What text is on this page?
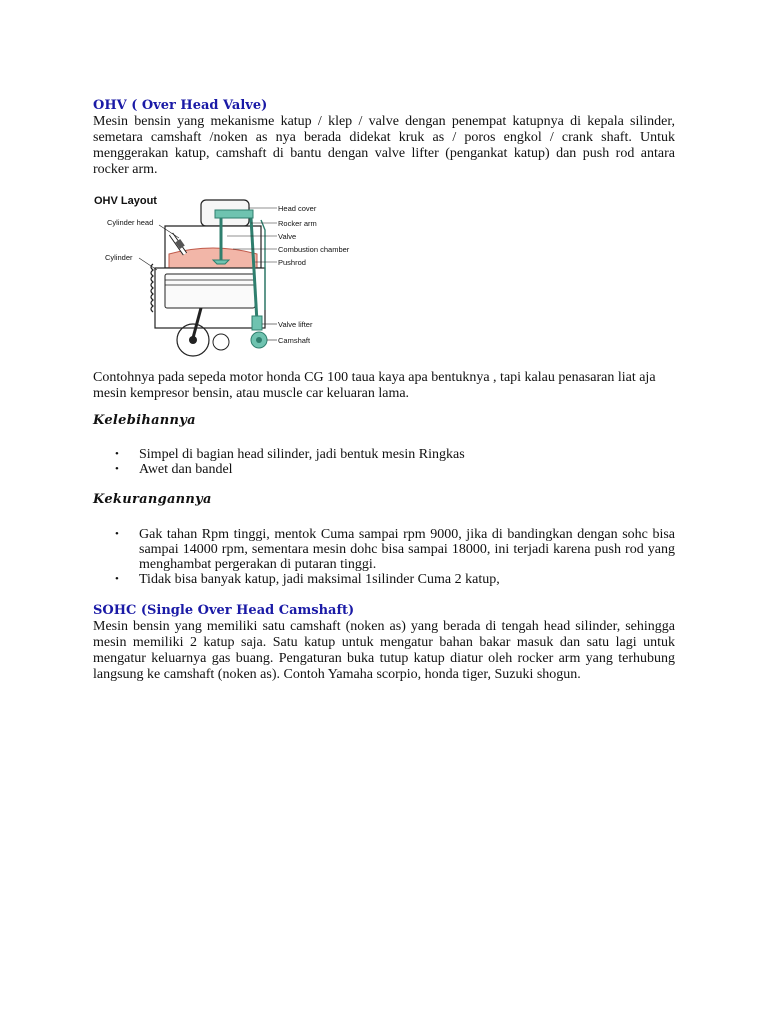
OHV ( Over Head Valve)

Mesin bensin yang mekanisme katup / klep / valve dengan penempat katupnya di kepala silinder, semetara camshaft /noken as nya berada didekat kruk as / poros engkol / crank shaft. Untuk menggerakan katup, camshaft di bantu dengan valve lifter (pengankat katup) dan push rod antara rocker arm.

OHV Layout
Head cover
Rocker arm
Valve
Combustion chamber
Pushrod
Valve lifter
Camshaft
Cylinder head
Cylinder

Contohnya pada sepeda motor honda CG 100 taua kaya apa bentuknya , tapi kalau penasaran liat aja mesin kempresor bensin, atau muscle car keluaran lama.

Kelebihannya

• Simpel di bagian head silinder, jadi bentuk mesin Ringkas
• Awet dan bandel

Kekurangannya

• Gak tahan Rpm tinggi, mentok Cuma sampai rpm 9000, jika di bandingkan dengan sohc bisa sampai 14000 rpm, sementara mesin dohc bisa sampai 18000, ini terjadi karena push rod yang menghambat pergerakan di putaran tinggi.
• Tidak bisa banyak katup, jadi maksimal 1silinder Cuma 2 katup,

SOHC (Single Over Head Camshaft)

Mesin bensin yang memiliki satu camshaft (noken as) yang berada di tengah head silinder, sehingga mesin memiliki 2 katup saja. Satu katup untuk mengatur bahan bakar masuk dan satu lagi untuk mengatur keluarnya gas buang. Pengaturan buka tutup katup diatur oleh rocker arm yang terhubung langsung ke camshaft (noken as). Contoh Yamaha scorpio, honda tiger, Suzuki shogun.
